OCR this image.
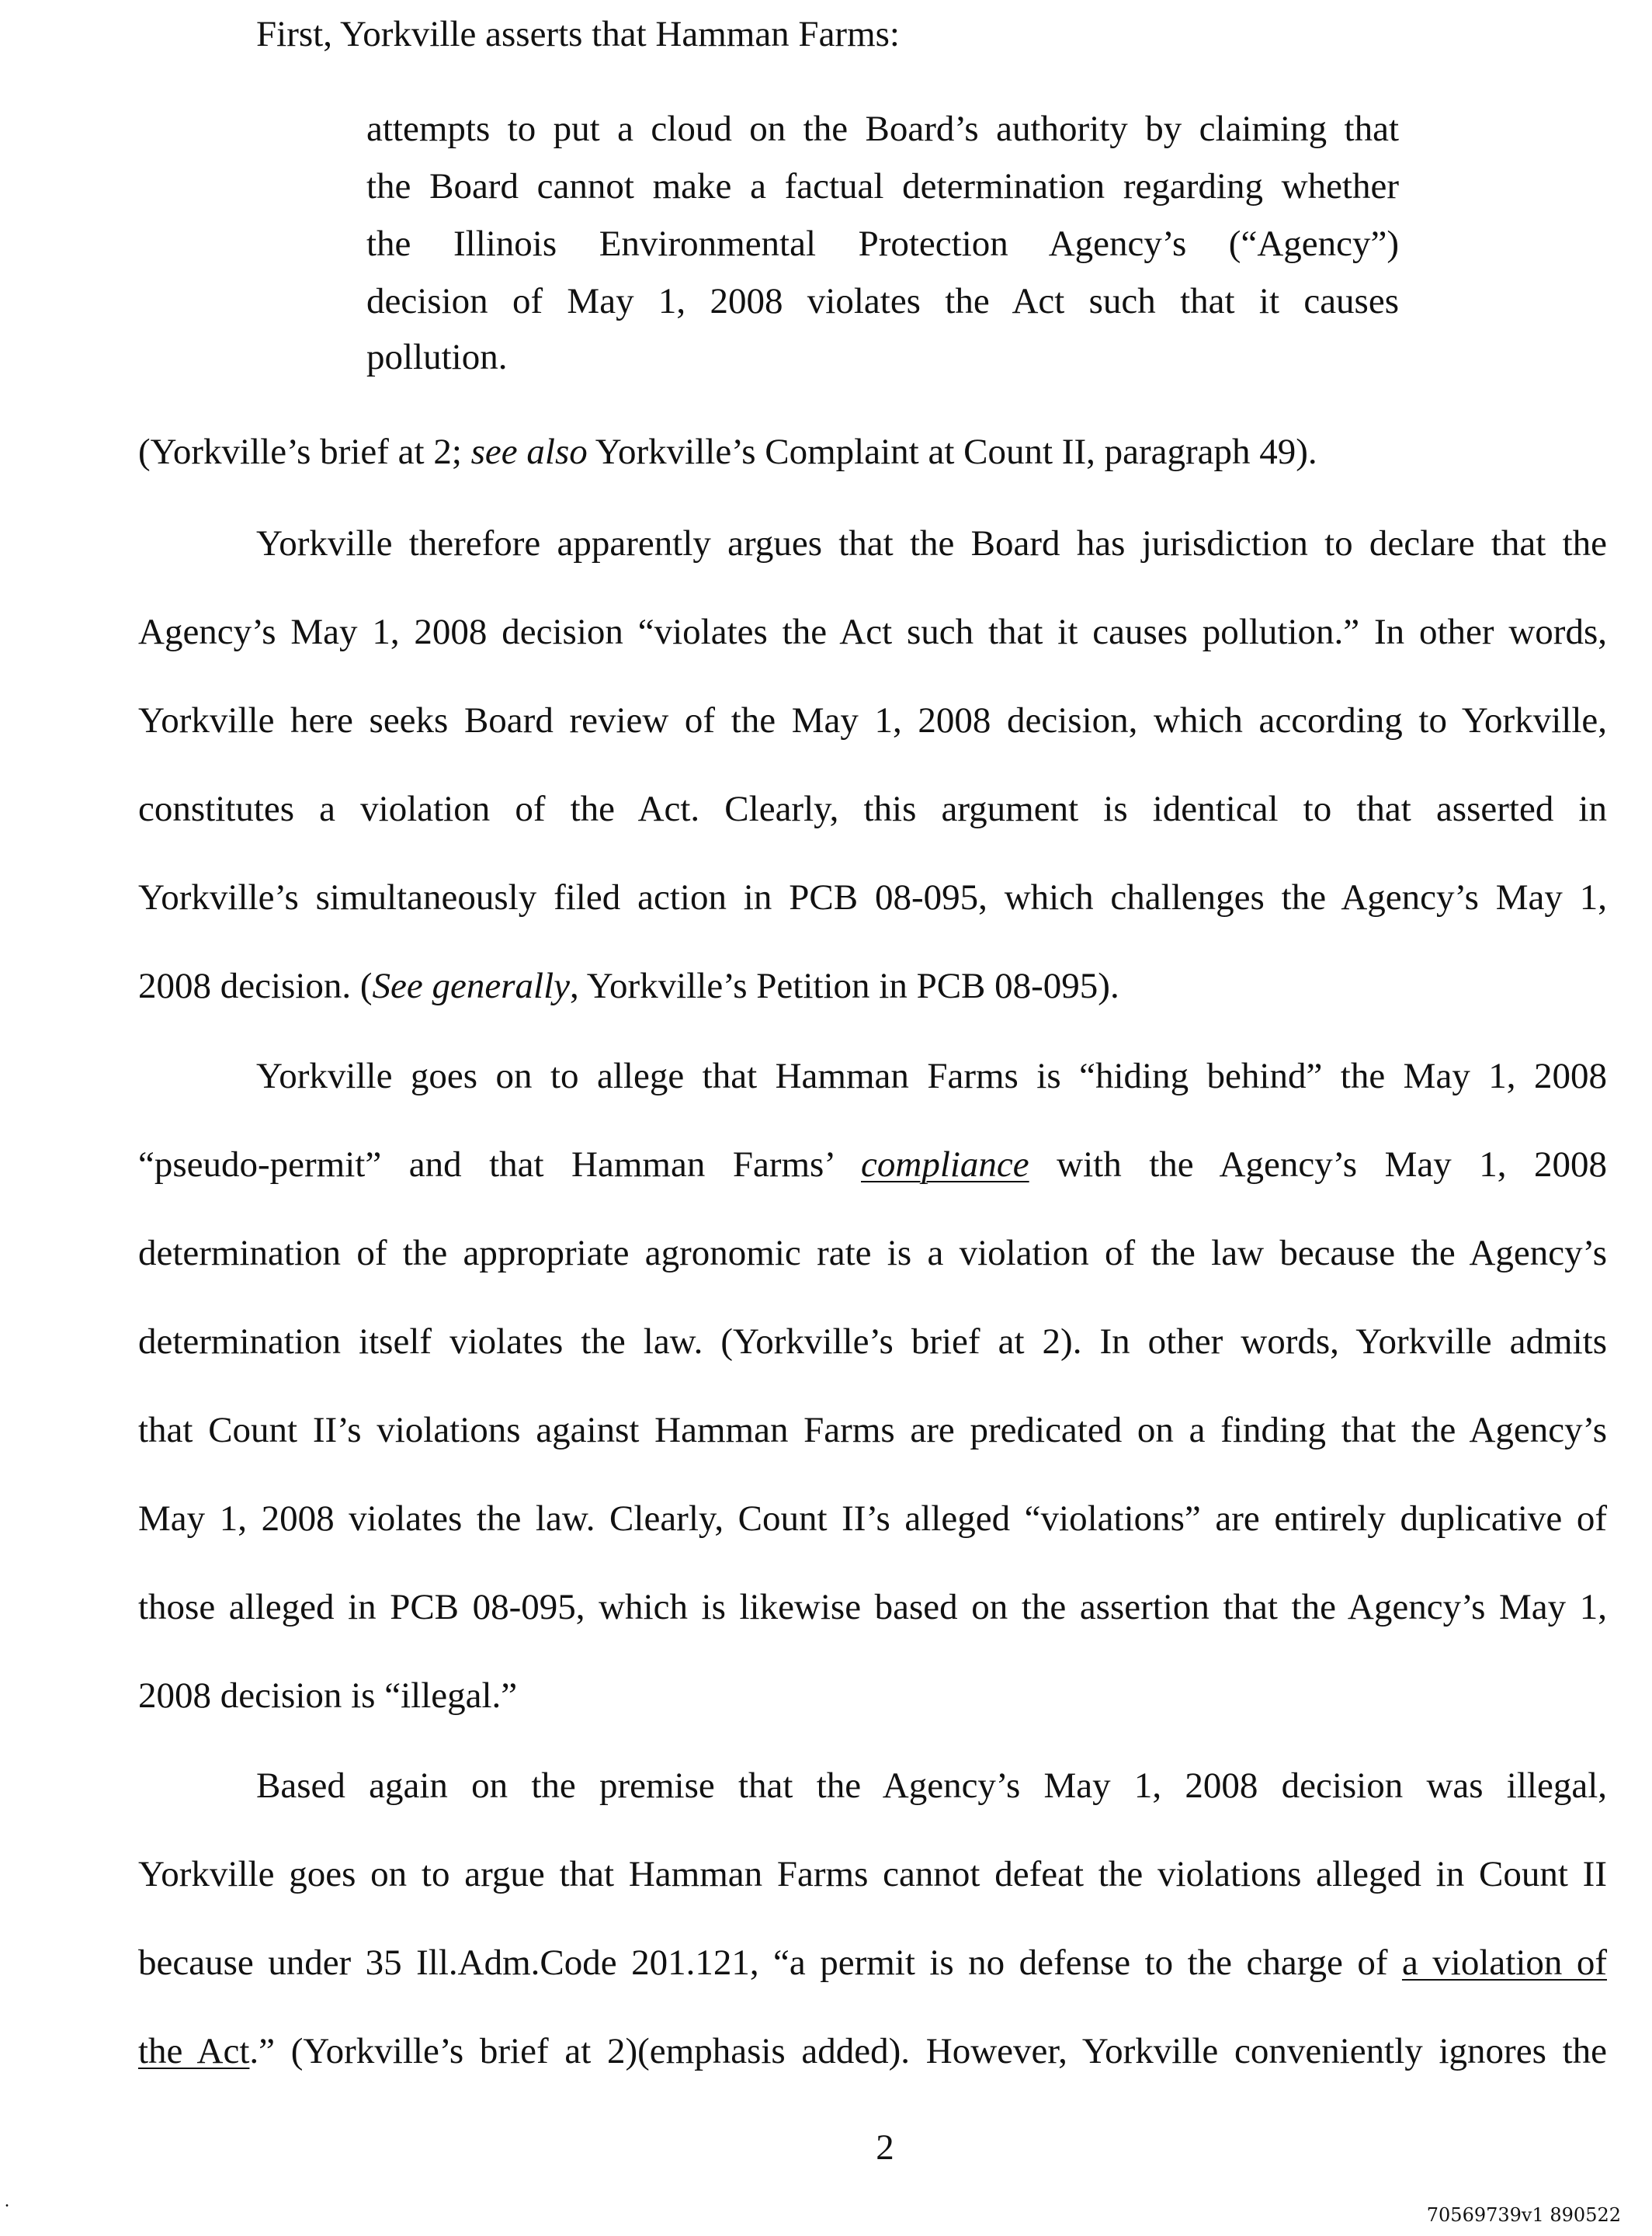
First, Yorkville asserts that Hamman Farms:
attempts to put a cloud on the Board’s authority by claiming that
the Board cannot make a factual determination regarding whether
the Illinois Environmental Protection Agency’s (“Agency”)
decision of May 1, 2008 violates the Act such that it causes
pollution.
(Yorkville’s brief at 2; see also Yorkville’s Complaint at Count II, paragraph 49).
Yorkville therefore apparently argues that the Board has jurisdiction to declare that the
Agency’s May 1, 2008 decision “violates the Act such that it causes pollution.” In other words,
Yorkville here seeks Board review of the May 1, 2008 decision, which according to Yorkville,
constitutes a violation of the Act. Clearly, this argument is identical to that asserted in
Yorkville’s simultaneously filed action in PCB 08-095, which challenges the Agency’s May 1,
2008 decision. (See generally, Yorkville’s Petition in PCB 08-095).
Yorkville goes on to allege that Hamman Farms is “hiding behind” the May 1, 2008
“pseudo-permit” and that Hamman Farms’ compliance with the Agency’s May 1, 2008
determination of the appropriate agronomic rate is a violation of the law because the Agency’s
determination itself violates the law. (Yorkville’s brief at 2). In other words, Yorkville admits
that Count II’s violations against Hamman Farms are predicated on a finding that the Agency’s
May 1, 2008 violates the law. Clearly, Count II’s alleged “violations” are entirely duplicative of
those alleged in PCB 08-095, which is likewise based on the assertion that the Agency’s May 1,
2008 decision is “illegal.”
Based again on the premise that the Agency’s May 1, 2008 decision was illegal,
Yorkville goes on to argue that Hamman Farms cannot defeat the violations alleged in Count II
because under 35 Ill.Adm.Code 201.121, “a permit is no defense to the charge of a violation of
the Act.” (Yorkville’s brief at 2)(emphasis added). However, Yorkville conveniently ignores the
2
.
70569739v1 890522
